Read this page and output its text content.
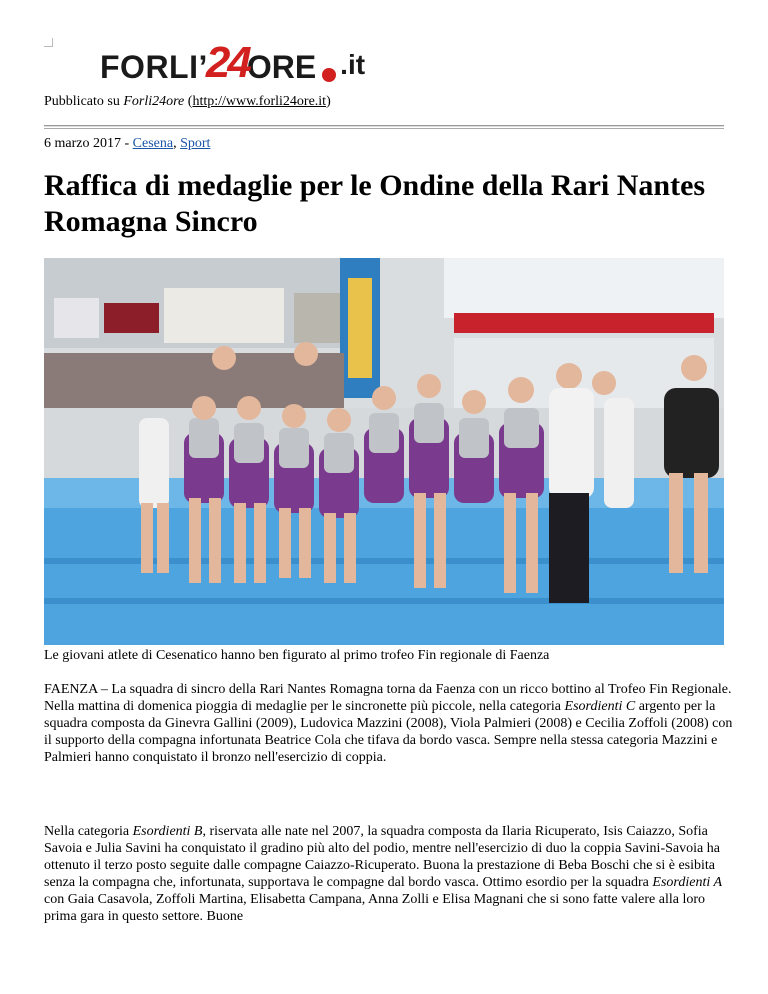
FORLI’
24
ORE .it
Pubblicato su Forli24ore (http://www.forli24ore.it)
6 marzo 2017 - Cesena, Sport
Raffica di medaglie per le Ondine della Rari Nantes Romagna Sincro
Le giovani atlete di Cesenatico hanno ben figurato al primo trofeo Fin regionale di Faenza

FAENZA – La squadra di sincro della Rari Nantes Romagna torna da Faenza con un ricco bottino al Trofeo Fin Regionale. Nella mattina di domenica pioggia di medaglie per le sincronette più piccole, nella categoria Esordienti C argento per la squadra composta da Ginevra Gallini (2009), Ludovica Mazzini (2008), Viola Palmieri (2008) e Cecilia Zoffoli (2008) con il supporto della compagna infortunata Beatrice Cola che tifava da bordo vasca. Sempre nella stessa categoria Mazzini e Palmieri hanno conquistato il bronzo nell'esercizio di coppia.

Nella categoria Esordienti B, riservata alle nate nel 2007, la squadra composta da Ilaria Ricuperato, Isis Caiazzo, Sofia Savoia e Julia Savini ha conquistato il gradino più alto del podio, mentre nell'esercizio di duo la coppia Savini-Savoia ha ottenuto il terzo posto seguite dalle compagne Caiazzo-Ricuperato. Buona la prestazione di Beba Boschi che si è esibita senza la compagna che, infortunata, supportava le compagne dal bordo vasca. Ottimo esordio per la squadra Esordienti A con Gaia Casavola, Zoffoli Martina, Elisabetta Campana, Anna Zolli e Elisa Magnani che si sono fatte valere alla loro prima gara in questo settore. Buone
